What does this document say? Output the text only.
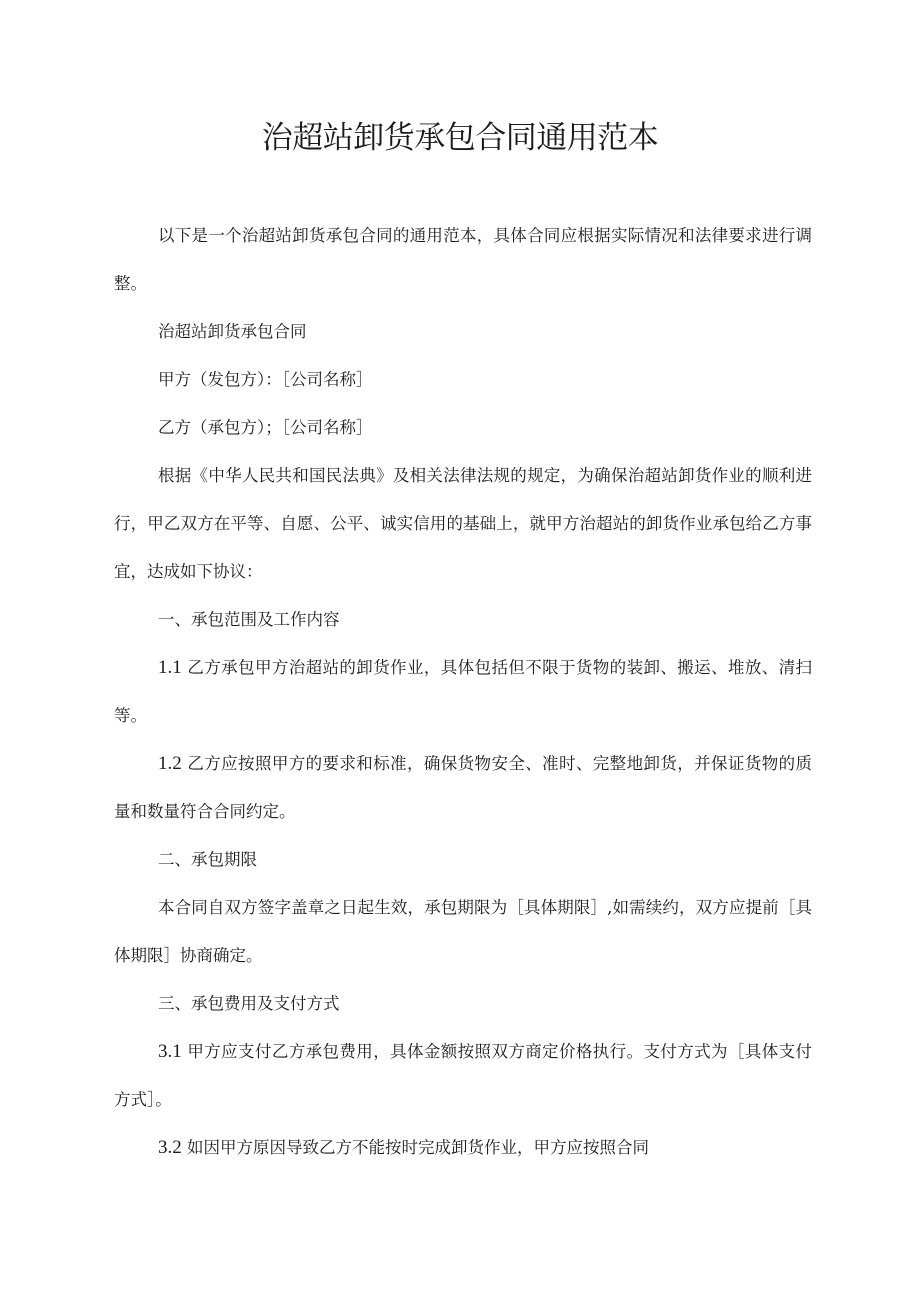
治超站卸货承包合同通用范本

以下是一个治超站卸货承包合同的通用范本，具体合同应根据实际情况和法律要求进行调整。

治超站卸货承包合同

甲方（发包方）：［公司名称］

乙方（承包方）；［公司名称］

根据《中华人民共和国民法典》及相关法律法规的规定，为确保治超站卸货作业的顺利进行，甲乙双方在平等、自愿、公平、诚实信用的基础上，就甲方治超站的卸货作业承包给乙方事宜，达成如下协议：

一、承包范围及工作内容

1.1 乙方承包甲方治超站的卸货作业，具体包括但不限于货物的装卸、搬运、堆放、清扫等。

1.2 乙方应按照甲方的要求和标准，确保货物安全、准时、完整地卸货，并保证货物的质量和数量符合合同约定。

二、承包期限

本合同自双方签字盖章之日起生效，承包期限为［具体期限］,如需续约，双方应提前［具体期限］协商确定。

三、承包费用及支付方式

3.1 甲方应支付乙方承包费用，具体金额按照双方商定价格执行。支付方式为［具体支付方式］。

3.2 如因甲方原因导致乙方不能按时完成卸货作业，甲方应按照合同
